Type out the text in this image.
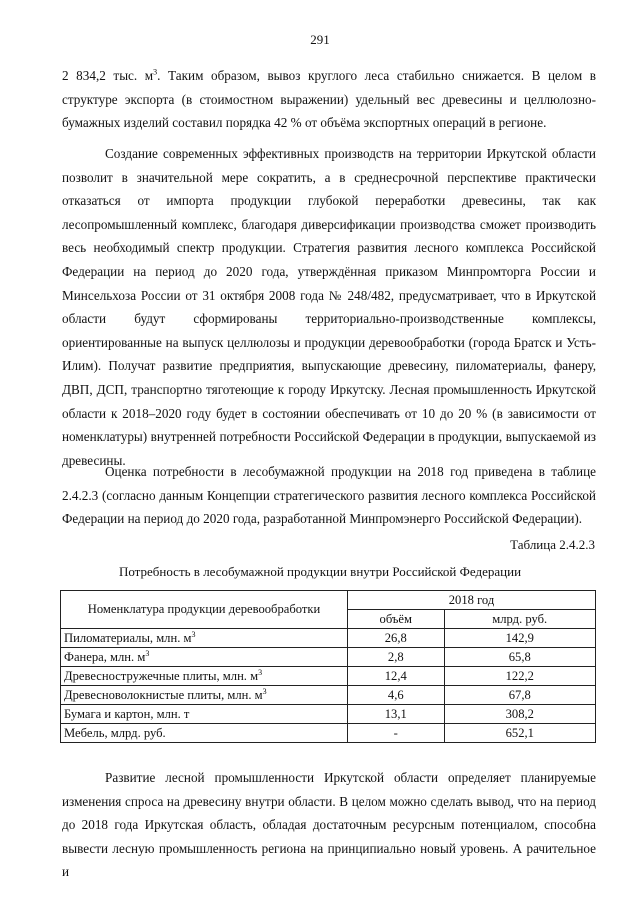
291

2 834,2 тыс. $м^3$. Таким образом, вывоз круглого леса стабильно снижается. В целом в структуре экспорта (в стоимостном выражении) удельный вес древесины и целлюлозно-бумажных изделий составил порядка 42 % от объёма экспортных операций в регионе.

Создание современных эффективных производств на территории Иркутской области позволит в значительной мере сократить, а в среднесрочной перспективе практически отказаться от импорта продукции глубокой переработки древесины, так как лесопромышленный комплекс, благодаря диверсификации производства сможет производить весь необходимый спектр продукции. Стратегия развития лесного комплекса Российской Федерации на период до 2020 года, утверждённая приказом Минпромторга России и Минсельхоза России от 31 октября 2008 года № 248/482, предусматривает, что в Иркутской области будут сформированы территориально-производственные комплексы, ориентированные на выпуск целлюлозы и продукции деревообработки (города Братск и Усть-Илим). Получат развитие предприятия, выпускающие древесину, пиломатериалы, фанеру, ДВП, ДСП, транспортно тяготеющие к городу Иркутску. Лесная промышленность Иркутской области к 2018–2020 году будет в состоянии обеспечивать от 10 до 20 % (в зависимости от номенклатуры) внутренней потребности Российской Федерации в продукции, выпускаемой из древесины.

Оценка потребности в лесобумажной продукции на 2018 год приведена в таблице 2.4.2.3 (согласно данным Концепции стратегического развития лесного комплекса Российской Федерации на период до 2020 года, разработанной Минпромэнерго Российской Федерации).

Таблица 2.4.2.3
Потребность в лесобумажной продукции внутри Российской Федерации
Номенклатура продукции деревообработки	2018 год	
	объём	млрд. руб.
Пиломатериалы, млн. $м^3$	26,8	142,9
Фанера, млн. $м^3$	2,8	65,8
Древесностружечные плиты, млн. $м^3$	12,4	122,2
Древесноволокнистые плиты, млн. $м^3$	4,6	67,8
Бумага и картон, млн. т	13,1	308,2
Мебель, млрд. руб.	-	652,1

Развитие лесной промышленности Иркутской области определяет планируемые изменения спроса на древесину внутри области. В целом можно сделать вывод, что на период до 2018 года Иркутская область, обладая достаточным ресурсным потенциалом, способна вывести лесную промышленность региона на принципиально новый уровень. А рачительное и
